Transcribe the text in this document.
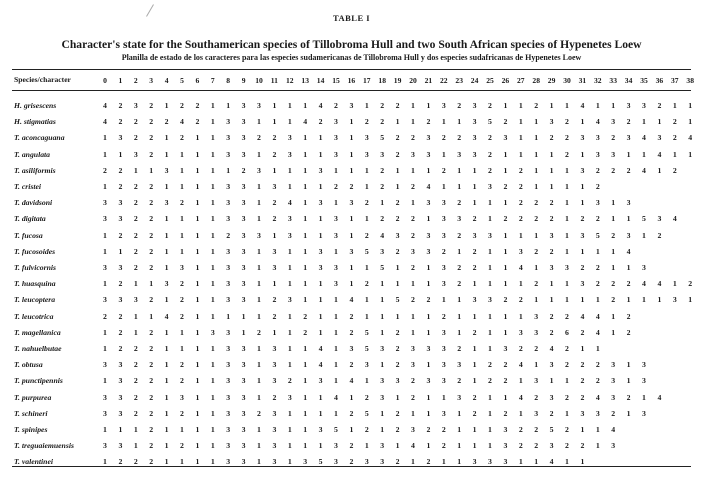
TABLE I
Character's state for the Southamerican species of Tillobroma Hull and two South African species of Hypenetes Loew
Planilla de estado de los caracteres para las especies sudamericanas de Tillobroma Hull y dos especies sudafricanas de Hypenetes Loew
Species/character	0	1	2	3	4	5	6	7	8	9	10	11	12	13	14	15	16	17	18	19	20	21	22	23	24	25	26	27	28	29	30	31	32	33	34	35	36	37	38
H. grisescens	4	2	3	2	1	2	2	1	1	3	3	1	1	1	4	2	3	1	2	2	1	1	3	2	3	2	1	1	2	1	1	4	1	1	3	3	2	1	1
H. stigmatias	4	2	2	2	2	4	2	1	3	3	1	1	1	4	2	3	1	2	2	1	1	2	1	1	3	5	2	1	1	3	2	1	4	3	2	1	1	2	1
T. aconcaguana	1	3	2	2	1	2	1	1	3	3	2	2	3	1	1	3	1	3	5	2	2	3	2	2	3	2	3	1	1	2	2	3	3	2	3	4	3	2	4
T. angulata	1	1	3	2	1	1	1	1	3	3	1	2	3	1	1	3	1	3	3	2	3	3	1	3	3	2	1	1	1	1	2	1	3	3	1	1	4	1	1
T. asiliformis	2	2	1	1	3	1	1	1	1	2	3	1	1	1	3	1	1	1	2	1	1	1	2	1	1	2	1	2	1	1	1	3	2	2	2	4	1	2
T. cristei	1	2	2	2	1	1	1	1	3	3	1	3	1	1	1	2	2	1	2	1	2	4	1	1	1	3	2	2	1	1	1	1	2
T. davidsoni	3	3	2	2	3	2	1	1	3	3	1	2	4	1	3	1	3	2	1	2	1	3	3	2	1	1	1	2	2	2	1	1	3	1	3
T. digitata	3	3	2	2	1	1	1	1	3	3	1	2	3	1	1	3	1	1	2	2	2	1	3	3	2	1	2	2	2	2	1	2	2	1	1	5	3	4
T. fucosa	1	2	2	2	1	1	1	1	2	3	3	1	3	1	1	3	1	2	4	3	2	3	3	2	3	3	1	1	1	3	1	3	5	2	3	1	2
T. fucosoides	1	1	2	2	1	1	1	1	3	3	1	3	1	1	3	1	3	5	3	2	3	3	2	1	2	1	1	3	2	2	1	1	1	1	4
T. fulvicornis	3	3	2	2	1	3	1	1	3	3	1	3	1	1	3	3	1	1	5	1	2	1	3	2	2	1	1	4	1	3	3	2	2	1	1	3
T. huasquina	1	2	1	1	3	2	1	1	3	3	1	1	1	1	1	3	1	2	1	1	1	1	3	2	1	1	1	1	2	1	1	3	2	2	2	4	4	1	2
T. leucoptera	3	3	3	2	1	2	1	1	3	3	1	2	3	1	1	1	4	1	1	5	2	2	1	1	3	3	2	2	1	1	1	1	1	2	1	1	1	3	1
T. leucotrica	2	2	1	1	4	2	1	1	1	1	1	2	1	2	1	1	2	1	1	1	1	1	2	1	1	1	1	1	3	2	2	4	4	1	2
T. magellanica	1	2	1	2	1	1	1	3	3	1	2	1	1	2	1	1	2	5	1	2	1	1	3	1	2	1	1	3	3	2	6	2	4	1	2
T. nahuelbutae	1	2	2	2	1	1	1	1	3	3	1	3	1	1	4	1	3	5	3	2	3	3	3	2	1	1	3	2	2	4	2	1	1
T. obtusa	3	3	2	2	1	2	1	1	3	3	1	3	1	1	4	1	2	3	1	2	3	1	3	3	1	2	2	4	1	3	2	2	2	3	1	3
T. punctipennis	1	3	2	2	1	2	1	1	3	3	1	3	2	1	3	1	4	1	3	3	2	3	3	2	1	2	2	1	3	1	1	2	2	3	1	3
T. purpurea	3	3	2	2	1	3	1	1	3	3	1	2	3	1	1	4	1	2	3	1	2	1	1	3	2	1	1	4	2	3	2	2	4	3	2	1	4
T. schineri	3	3	2	2	1	2	1	1	3	3	2	3	1	1	1	1	2	5	1	2	1	1	3	1	2	1	2	1	3	2	1	3	3	2	1	3
T. spinipes	1	1	1	2	1	1	1	1	3	3	1	3	1	1	3	5	1	2	1	2	3	2	2	1	1	1	3	2	2	5	2	1	1	4
T. treguaiemuensis	3	3	1	2	1	2	1	1	3	3	1	3	1	1	1	3	2	1	3	1	4	1	2	1	1	1	3	2	2	3	2	2	1	3
T. valentinei	1	2	2	2	1	1	1	1	3	3	1	3	1	3	5	3	2	3	3	2	1	2	1	1	3	3	3	1	1	4	1	1
